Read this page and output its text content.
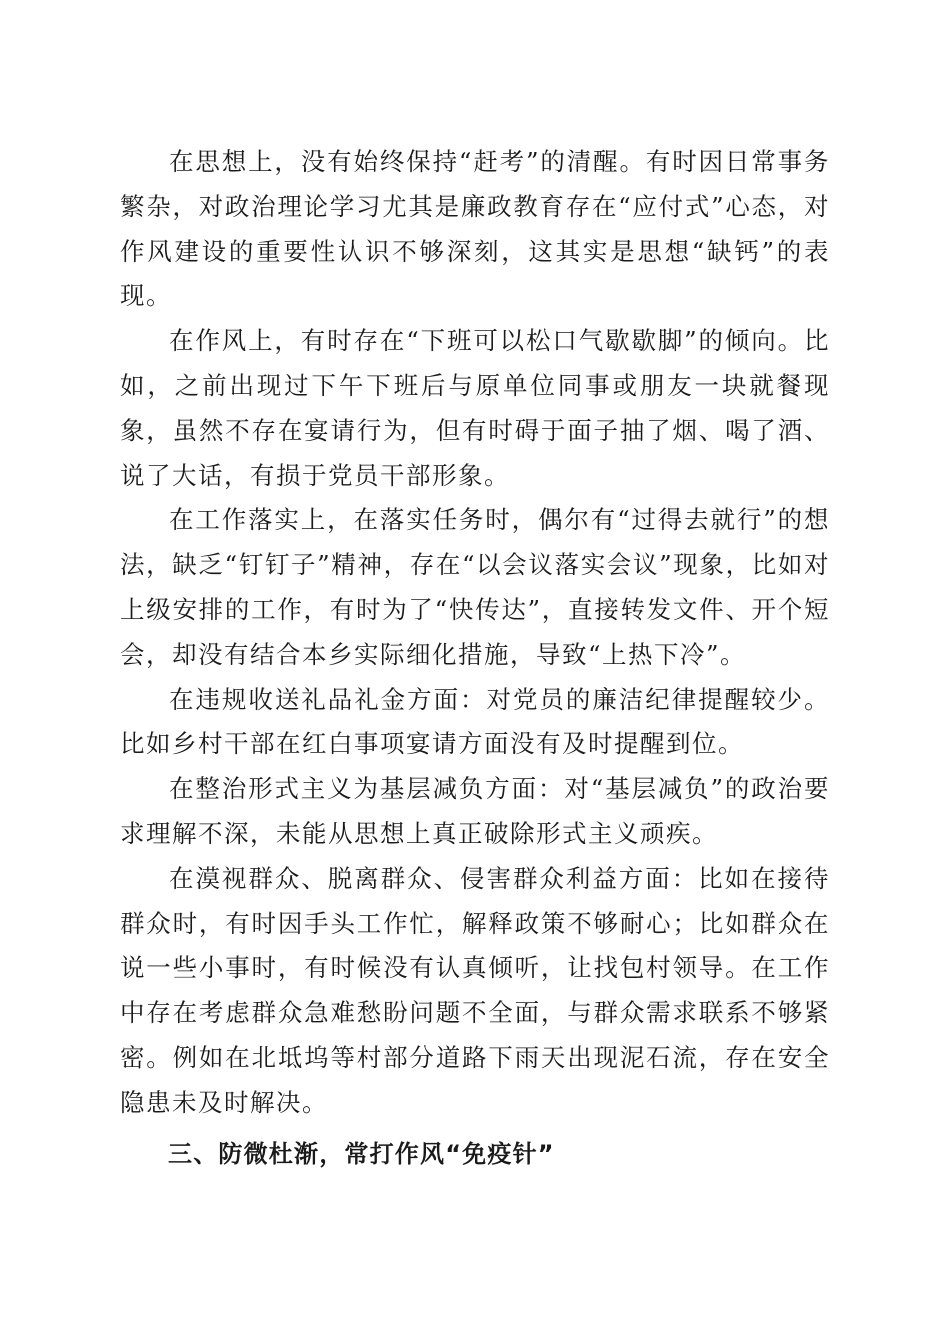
在思想上，没有始终保持“赶考”的清醒。有时因日常事务繁杂，对政治理论学习尤其是廉政教育存在“应付式”心态，对作风建设的重要性认识不够深刻，这其实是思想“缺钙”的表现。

在作风上，有时存在“下班可以松口气歇歇脚”的倾向。比如，之前出现过下午下班后与原单位同事或朋友一块就餐现象，虽然不存在宴请行为，但有时碍于面子抽了烟、喝了酒、说了大话，有损于党员干部形象。

在工作落实上，在落实任务时，偶尔有“过得去就行”的想法，缺乏“钉钉子”精神，存在“以会议落实会议”现象，比如对上级安排的工作，有时为了“快传达”，直接转发文件、开个短会，却没有结合本乡实际细化措施，导致“上热下冷”。

在违规收送礼品礼金方面：对党员的廉洁纪律提醒较少。比如乡村干部在红白事项宴请方面没有及时提醒到位。

在整治形式主义为基层减负方面：对“基层减负”的政治要求理解不深，未能从思想上真正破除形式主义顽疾。

在漠视群众、脱离群众、侵害群众利益方面：比如在接待群众时，有时因手头工作忙，解释政策不够耐心；比如群众在说一些小事时，有时候没有认真倾听，让找包村领导。在工作中存在考虑群众急难愁盼问题不全面，与群众需求联系不够紧密。例如在北坻坞等村部分道路下雨天出现泥石流，存在安全隐患未及时解决。

三、防微杜渐，常打作风“免疫针”
